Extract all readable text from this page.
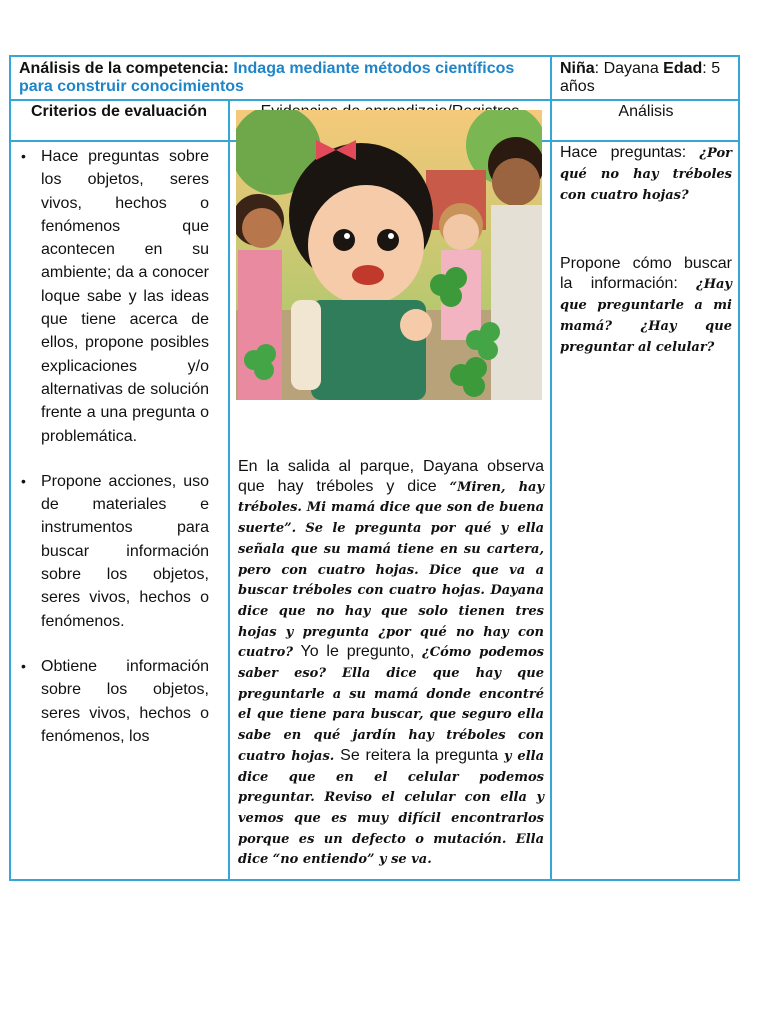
Análisis de la competencia: Indaga mediante métodos científicos para construir conocimientos
Niña: Dayana Edad: 5 años
Criterios de evaluación	Análisis
• Hace preguntas sobre los objetos, seres vivos, hechos o fenómenos que acontecen en su ambiente; da a conocer loque sabe y las ideas que tiene acerca de ellos, propone posibles explicaciones y/o alternativas de solución frente a una pregunta o problemática.
• Propone acciones, uso de materiales e instrumentos para buscar información sobre los objetos, seres vivos, hechos o fenómenos.
• Obtiene información sobre los objetos, seres vivos, hechos o fenómenos, los
En la salida al parque, Dayana observa que hay tréboles y dice “Miren, hay tréboles. Mi mamá dice que son de buena suerte”. Se le pregunta por qué y ella señala que su mamá tiene en su cartera, pero con cuatro hojas. Dice que va a buscar tréboles con cuatro hojas. Dayana dice que no hay que solo tienen tres hojas y pregunta ¿por qué no hay con cuatro? Yo le pregunto, ¿Cómo podemos saber eso? Ella dice que hay que preguntarle a su mamá donde encontré el que tiene para buscar, que seguro ella sabe en qué jardín hay tréboles con cuatro hojas. Se reitera la pregunta y ella dice que en el celular podemos preguntar. Reviso el celular con ella y vemos que es muy difícil encontrarlos porque es un defecto o mutación. Ella dice “no entiendo” y se va.
Hace preguntas: ¿Por qué no hay tréboles con cuatro hojas?
Propone cómo buscar la información: ¿Hay que preguntarle a mi mamá? ¿Hay que preguntar al celular?
